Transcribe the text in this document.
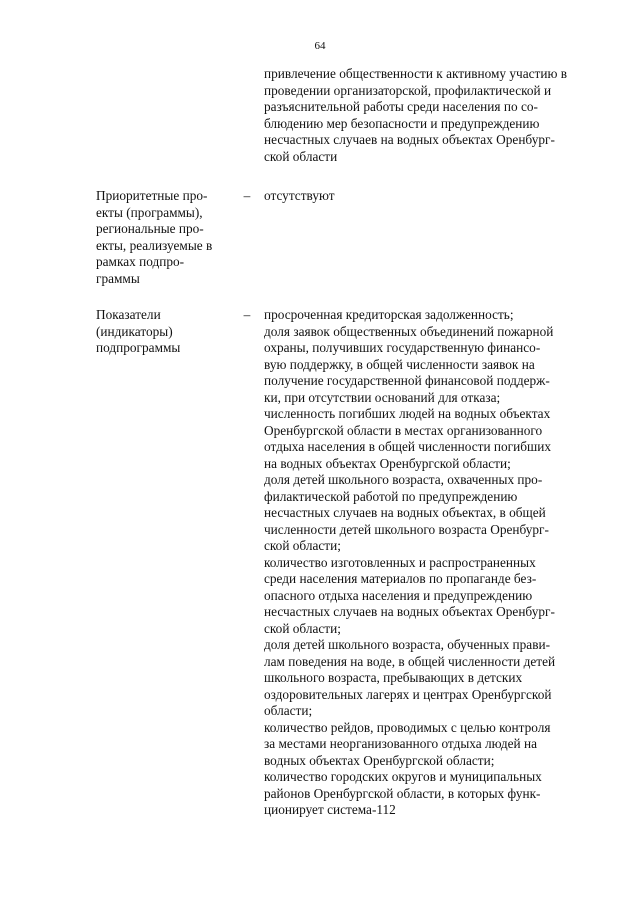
64
привлечение общественности к активному участию в
проведении организаторской, профилактической и
разъяснительной работы среди населения по со-
блюдению мер безопасности и предупреждению
несчастных случаев на водных объектах Оренбург-
ской области
Приоритетные про-
екты (программы),
региональные про-
екты, реализуемые в
рамках подпро-
граммы
– отсутствуют
Показатели
(индикаторы)
подпрограммы
– просроченная кредиторская задолженность;
доля заявок общественных объединений пожарной
охраны, получивших государственную финансо-
вую поддержку, в общей численности заявок на
получение государственной финансовой поддерж-
ки, при отсутствии оснований для отказа;
численность погибших людей на водных объектах
Оренбургской области в местах организованного
отдыха населения в общей численности погибших
на водных объектах Оренбургской области;
доля детей школьного возраста, охваченных про-
филактической работой по предупреждению
несчастных случаев на водных объектах, в общей
численности детей школьного возраста Оренбург-
ской области;
количество изготовленных и распространенных
среди населения материалов по пропаганде без-
опасного отдыха населения и предупреждению
несчастных случаев на водных объектах Оренбург-
ской области;
доля детей школьного возраста, обученных прави-
лам поведения на воде, в общей численности детей
школьного возраста, пребывающих в детских
оздоровительных лагерях и центрах Оренбургской
области;
количество рейдов, проводимых с целью контроля
за местами неорганизованного отдыха людей на
водных объектах Оренбургской области;
количество городских округов и муниципальных
районов Оренбургской области, в которых функ-
ционирует система-112
